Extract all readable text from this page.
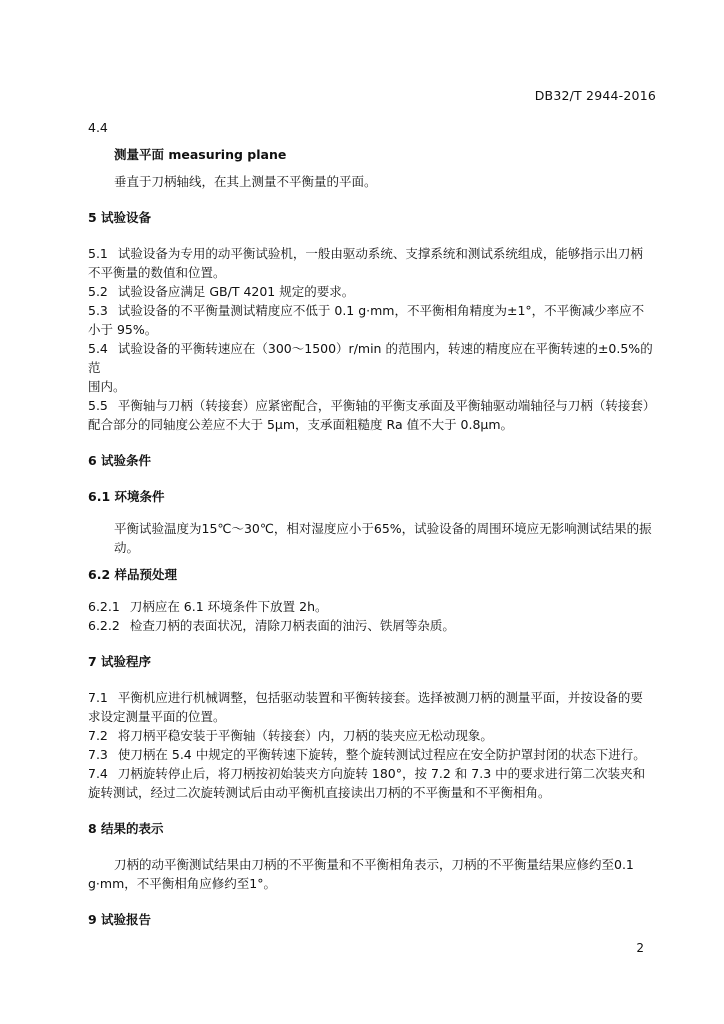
DB32/T 2944-2016

4.4

测量平面 measuring plane

垂直于刀柄轴线，在其上测量不平衡量的平面。

5 试验设备

5.1 试验设备为专用的动平衡试验机，一般由驱动系统、支撑系统和测试系统组成，能够指示出刀柄

不平衡量的数值和位置。

5.2 试验设备应满足 GB/T 4201 规定的要求。

5.3 试验设备的不平衡量测试精度应不低于 0.1 g·mm，不平衡相角精度为±1°，不平衡减少率应不

小于 95%。

5.4 试验设备的平衡转速应在（300～1500）r/min 的范围内，转速的精度应在平衡转速的±0.5%的范

围内。

5.5 平衡轴与刀柄（转接套）应紧密配合，平衡轴的平衡支承面及平衡轴驱动端轴径与刀柄（转接套）

配合部分的同轴度公差应不大于 5μm，支承面粗糙度 Ra 值不大于 0.8μm。

6 试验条件

6.1 环境条件

平衡试验温度为15℃～30℃，相对湿度应小于65%，试验设备的周围环境应无影响测试结果的振动。

6.2 样品预处理

6.2.1 刀柄应在 6.1 环境条件下放置 2h。

6.2.2 检查刀柄的表面状况，清除刀柄表面的油污、铁屑等杂质。

7 试验程序

7.1 平衡机应进行机械调整，包括驱动装置和平衡转接套。选择被测刀柄的测量平面，并按设备的要

求设定测量平面的位置。

7.2 将刀柄平稳安装于平衡轴（转接套）内，刀柄的装夹应无松动现象。

7.3 使刀柄在 5.4 中规定的平衡转速下旋转，整个旋转测试过程应在安全防护罩封闭的状态下进行。

7.4 刀柄旋转停止后，将刀柄按初始装夹方向旋转 180°，按 7.2 和 7.3 中的要求进行第二次装夹和

旋转测试，经过二次旋转测试后由动平衡机直接读出刀柄的不平衡量和不平衡相角。

8 结果的表示

刀柄的动平衡测试结果由刀柄的不平衡量和不平衡相角表示，刀柄的不平衡量结果应修约至0.1

g·mm，不平衡相角应修约至1°。

9 试验报告

2
